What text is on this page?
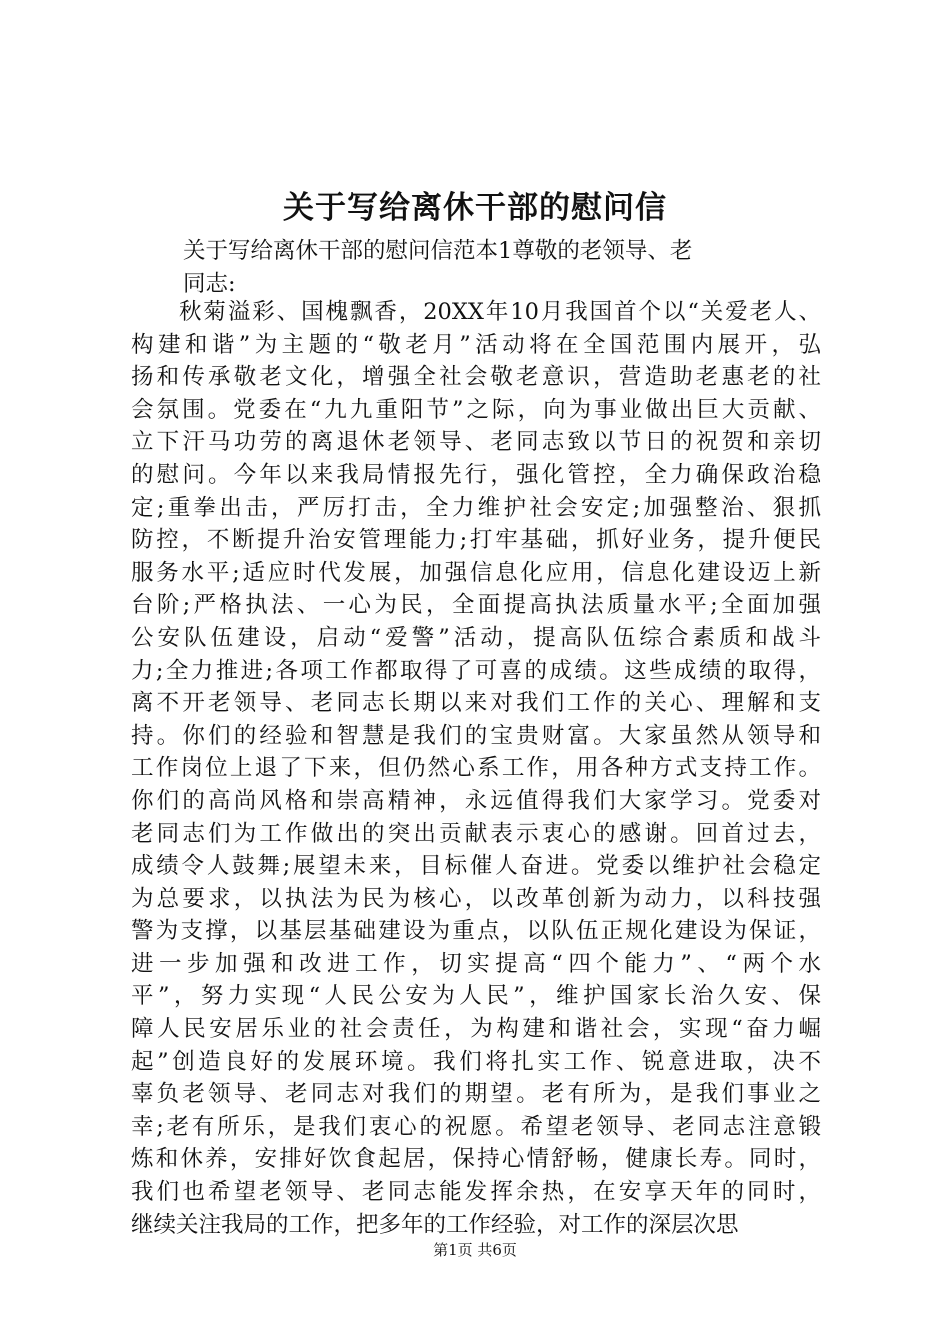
关于写给离休干部的慰问信
关于写给离休干部的慰问信范本1尊敬的老领导、老
同志:
秋菊溢彩、国槐飘香，20XX年10月我国首个以“关爱老人、
构建和谐”为主题的“敬老月”活动将在全国范围内展开，弘
扬和传承敬老文化，增强全社会敬老意识，营造助老惠老的社
会氛围。党委在“九九重阳节”之际，向为事业做出巨大贡献、
立下汗马功劳的离退休老领导、老同志致以节日的祝贺和亲切
的慰问。今年以来我局情报先行，强化管控，全力确保政治稳
定;重拳出击，严厉打击，全力维护社会安定;加强整治、狠抓
防控，不断提升治安管理能力;打牢基础，抓好业务，提升便民
服务水平;适应时代发展，加强信息化应用，信息化建设迈上新
台阶;严格执法、一心为民，全面提高执法质量水平;全面加强
公安队伍建设，启动“爱警”活动，提高队伍综合素质和战斗
力;全力推进;各项工作都取得了可喜的成绩。这些成绩的取得，
离不开老领导、老同志长期以来对我们工作的关心、理解和支
持。你们的经验和智慧是我们的宝贵财富。大家虽然从领导和
工作岗位上退了下来，但仍然心系工作，用各种方式支持工作。
你们的高尚风格和崇高精神，永远值得我们大家学习。党委对
老同志们为工作做出的突出贡献表示衷心的感谢。回首过去，
成绩令人鼓舞;展望未来，目标催人奋进。党委以维护社会稳定
为总要求，以执法为民为核心，以改革创新为动力，以科技强
警为支撑，以基层基础建设为重点，以队伍正规化建设为保证，
进一步加强和改进工作，切实提高“四个能力”、“两个水
平”，努力实现“人民公安为人民”，维护国家长治久安、保
障人民安居乐业的社会责任，为构建和谐社会，实现“奋力崛
起”创造良好的发展环境。我们将扎实工作、锐意进取，决不
辜负老领导、老同志对我们的期望。老有所为，是我们事业之
幸;老有所乐，是我们衷心的祝愿。希望老领导、老同志注意锻
炼和休养，安排好饮食起居，保持心情舒畅，健康长寿。同时，
我们也希望老领导、老同志能发挥余热，在安享天年的同时，
继续关注我局的工作，把多年的工作经验，对工作的深层次思
第1页 共6页
